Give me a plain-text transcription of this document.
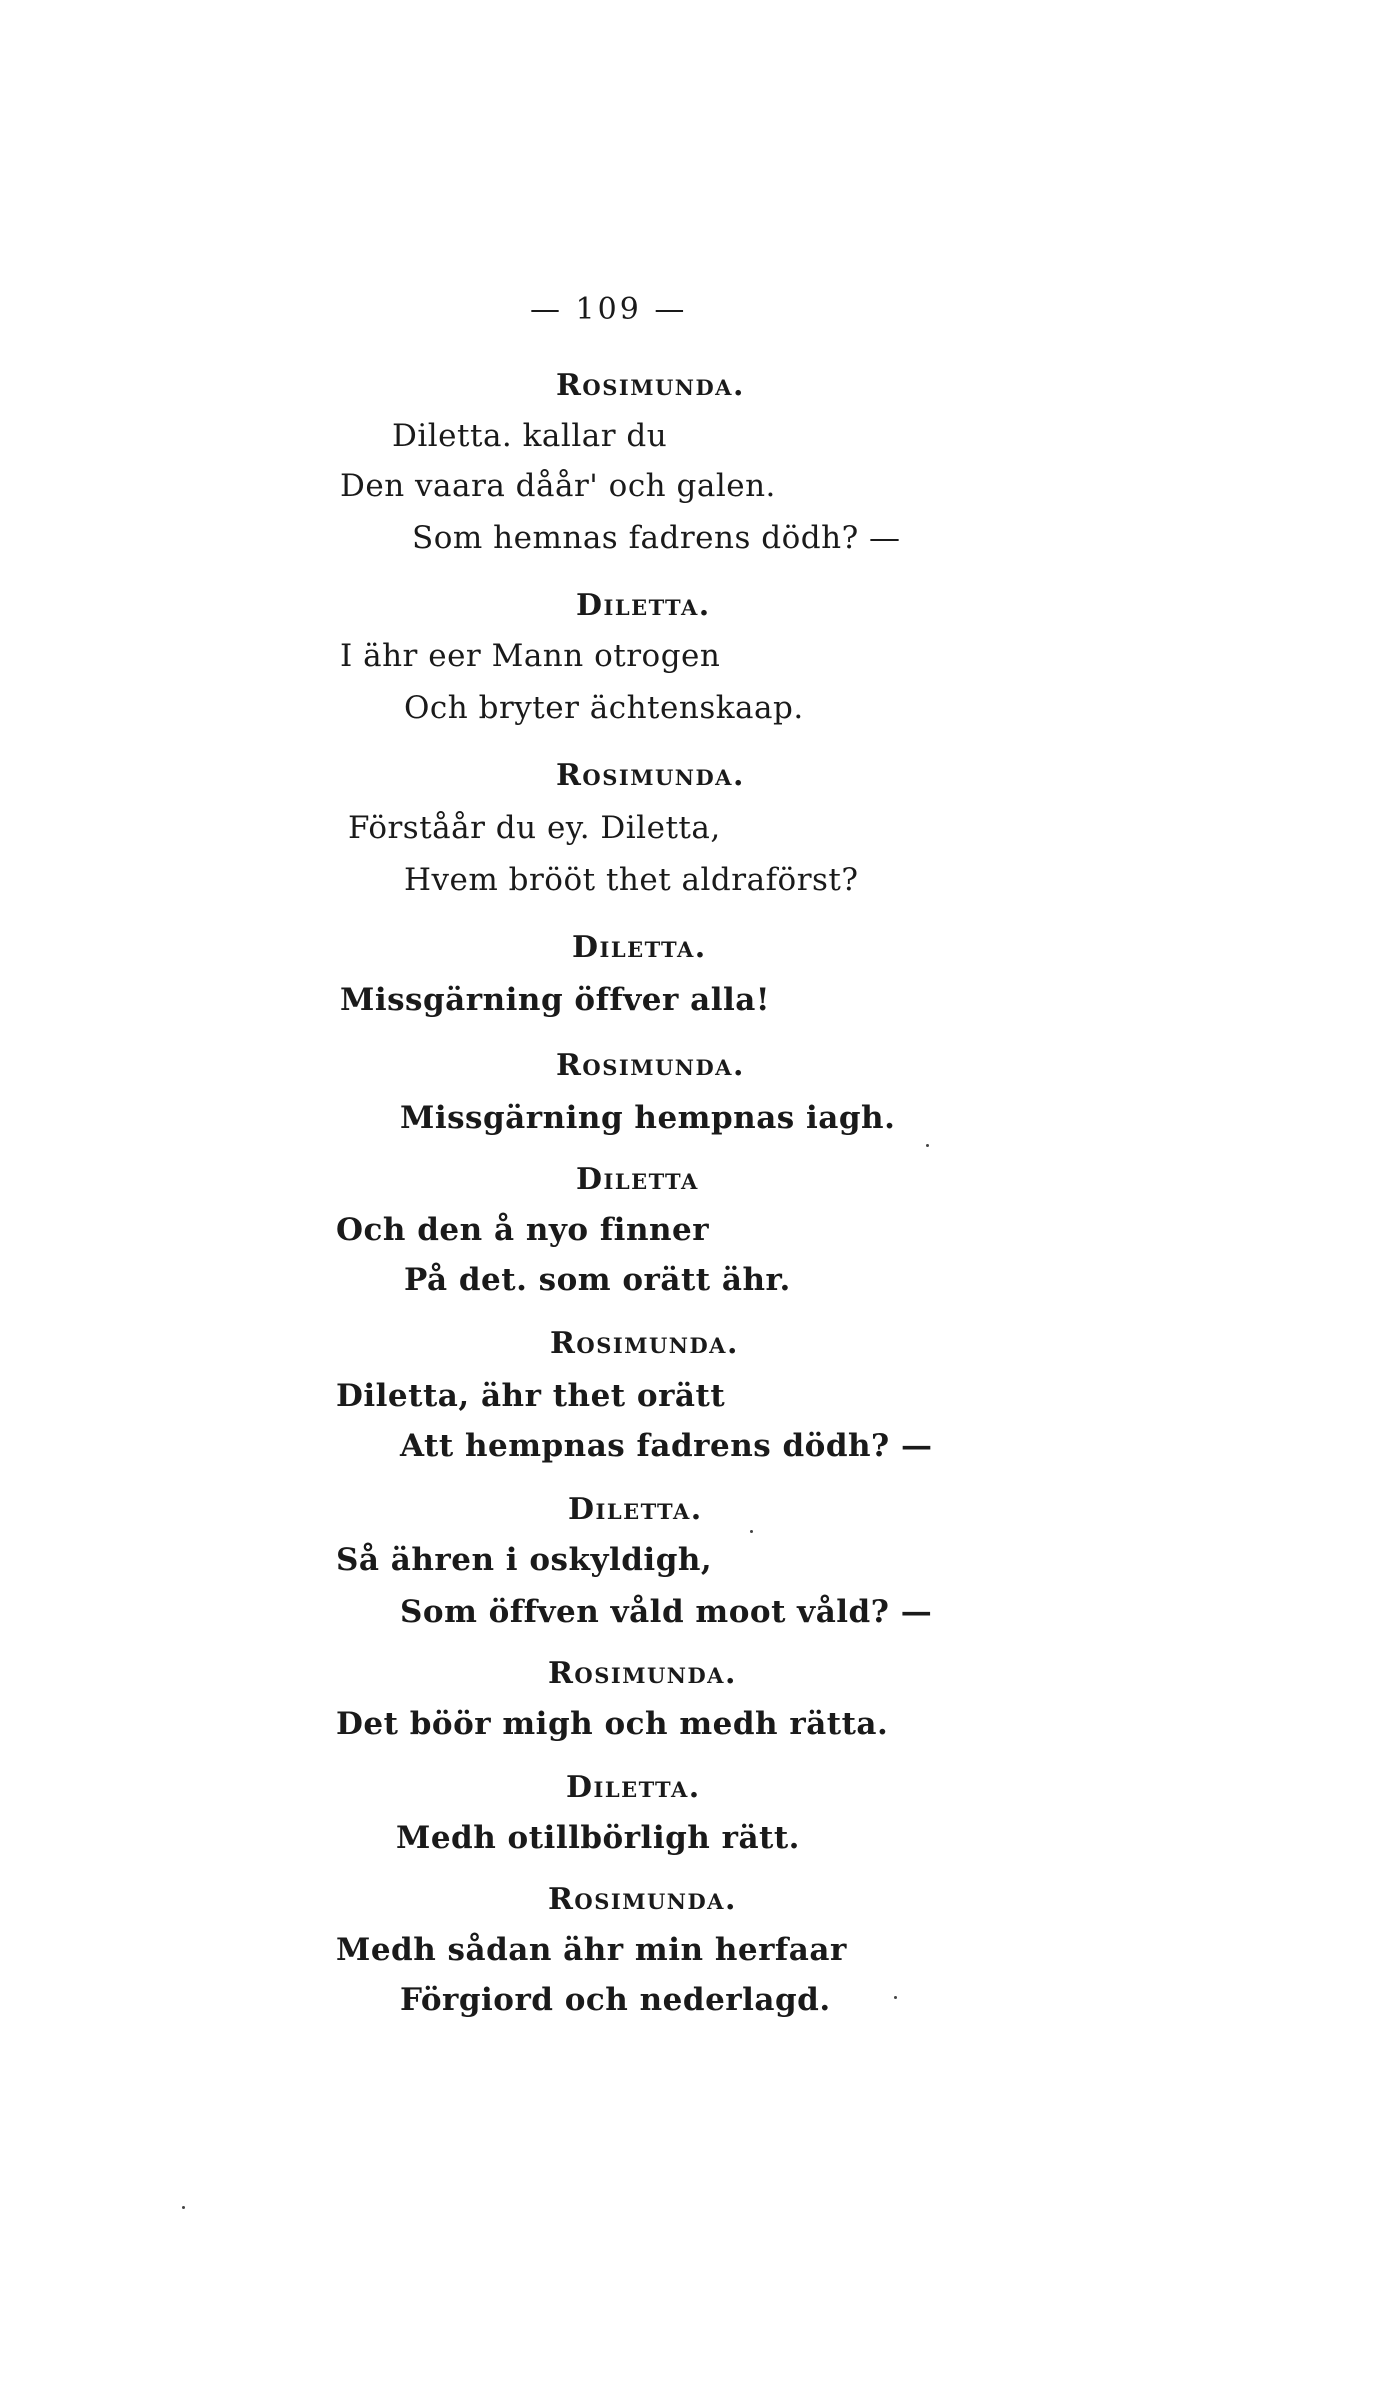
— 109 —
Rosimunda.
Diletta. kallar du
Den vaara dåår' och galen.
Som hemnas fadrens dödh? —
Diletta.
I ähr eer Mann otrogen
Och bryter ächtenskaap.
Rosimunda.
Förståår du ey. Diletta,
Hvem brööt thet aldraförst?
Diletta.
Missgärning öffver alla!
Rosimunda.
Missgärning hempnas iagh.
Diletta
Och den å nyo finner
På det. som orätt ähr.
Rosimunda.
Diletta, ähr thet orätt
Att hempnas fadrens dödh? —
Diletta.
Så ähren i oskyldigh,
Som öffven våld moot våld? —
Rosimunda.
Det böör migh och medh rätta.
Diletta.
Medh otillbörligh rätt.
Rosimunda.
Medh sådan ähr min herfaar
Förgiord och nederlagd.
